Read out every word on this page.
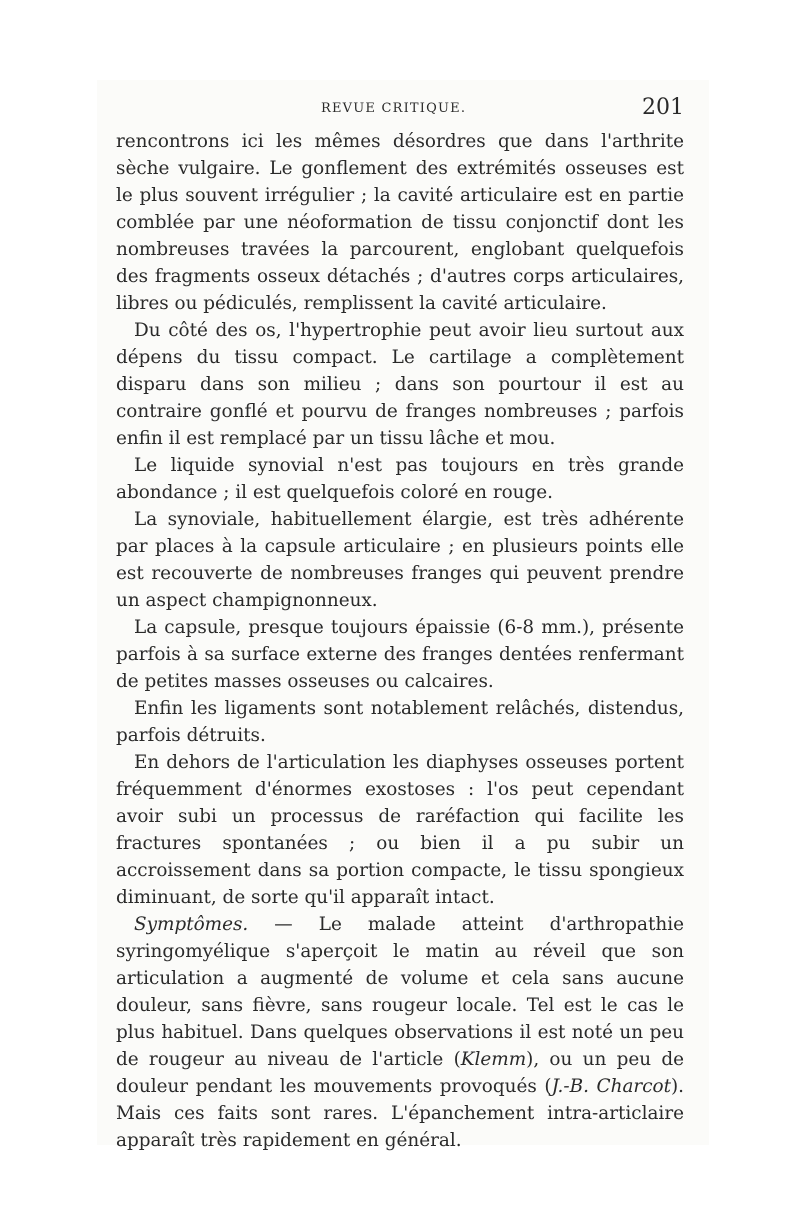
REVUE CRITIQUE.	201

rencontrons ici les mêmes désordres que dans l'arthrite sèche vulgaire. Le gonflement des extrémités osseuses est le plus souvent irrégulier ; la cavité articulaire est en partie comblée par une néoformation de tissu conjonctif dont les nombreuses travées la parcourent, englobant quelquefois des fragments osseux détachés ; d'autres corps articulaires, libres ou pédiculés, remplissent la cavité articulaire.

Du côté des os, l'hypertrophie peut avoir lieu surtout aux dépens du tissu compact. Le cartilage a complètement disparu dans son milieu ; dans son pourtour il est au contraire gonflé et pourvu de franges nombreuses ; parfois enfin il est remplacé par un tissu lâche et mou.

Le liquide synovial n'est pas toujours en très grande abondance ; il est quelquefois coloré en rouge.

La synoviale, habituellement élargie, est très adhérente par places à la capsule articulaire ; en plusieurs points elle est recouverte de nombreuses franges qui peuvent prendre un aspect champignonneux.

La capsule, presque toujours épaissie (6-8 mm.), présente parfois à sa surface externe des franges dentées renfermant de petites masses osseuses ou calcaires.

Enfin les ligaments sont notablement relâchés, distendus, parfois détruits.

En dehors de l'articulation les diaphyses osseuses portent fréquemment d'énormes exostoses : l'os peut cependant avoir subi un processus de raréfaction qui facilite les fractures spontanées ; ou bien il a pu subir un accroissement dans sa portion compacte, le tissu spongieux diminuant, de sorte qu'il apparaît intact.

Symptômes. — Le malade atteint d'arthropathie syringomyélique s'aperçoit le matin au réveil que son articulation a augmenté de volume et cela sans aucune douleur, sans fièvre, sans rougeur locale. Tel est le cas le plus habituel. Dans quelques observations il est noté un peu de rougeur au niveau de l'article (Klemm), ou un peu de douleur pendant les mouvements provoqués (J.-B. Charcot). Mais ces faits sont rares. L'épanchement intra-articlaire apparaît très rapidement en général.
